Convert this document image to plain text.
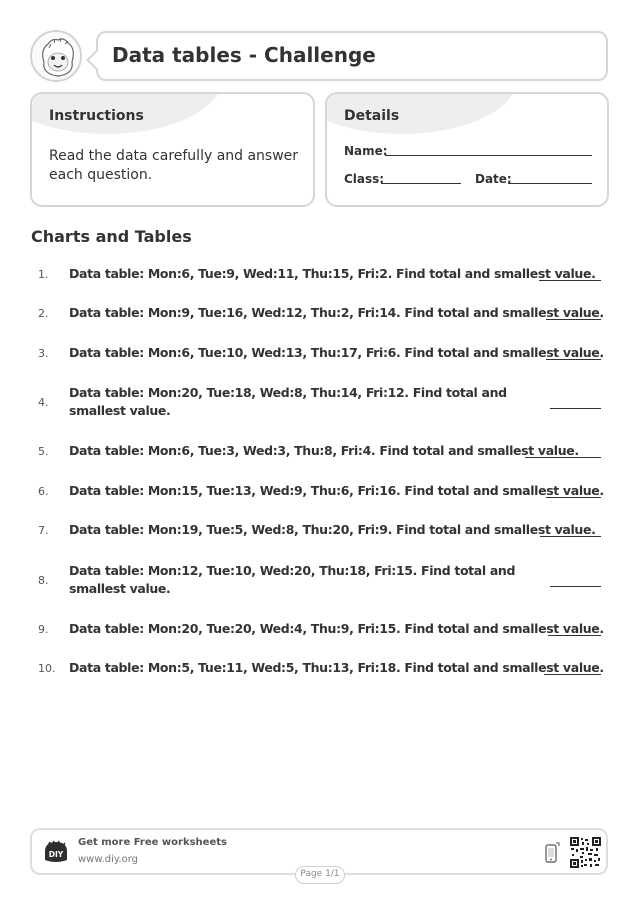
Data tables - Challenge
Instructions
Read the data carefully and answer each question.
Details
Name:
Class:	Date:
Charts and Tables
1. Data table: Mon:6, Tue:9, Wed:11, Thu:15, Fri:2. Find total and smallest value.
2. Data table: Mon:9, Tue:16, Wed:12, Thu:2, Fri:14. Find total and smallest value.
3. Data table: Mon:6, Tue:10, Wed:13, Thu:17, Fri:6. Find total and smallest value.
4.
Data table: Mon:20, Tue:18, Wed:8, Thu:14, Fri:12. Find total and smallest value.
5. Data table: Mon:6, Tue:3, Wed:3, Thu:8, Fri:4. Find total and smallest value.
6. Data table: Mon:15, Tue:13, Wed:9, Thu:6, Fri:16. Find total and smallest value.
7. Data table: Mon:19, Tue:5, Wed:8, Thu:20, Fri:9. Find total and smallest value.
8.
Data table: Mon:12, Tue:10, Wed:20, Thu:18, Fri:15. Find total and smallest value.
9. Data table: Mon:20, Tue:20, Wed:4, Thu:9, Fri:15. Find total and smallest value.
10. Data table: Mon:5, Tue:11, Wed:5, Thu:13, Fri:18. Find total and smallest value.
DIY
Get more Free worksheets
www.diy.org
Page 1/1
